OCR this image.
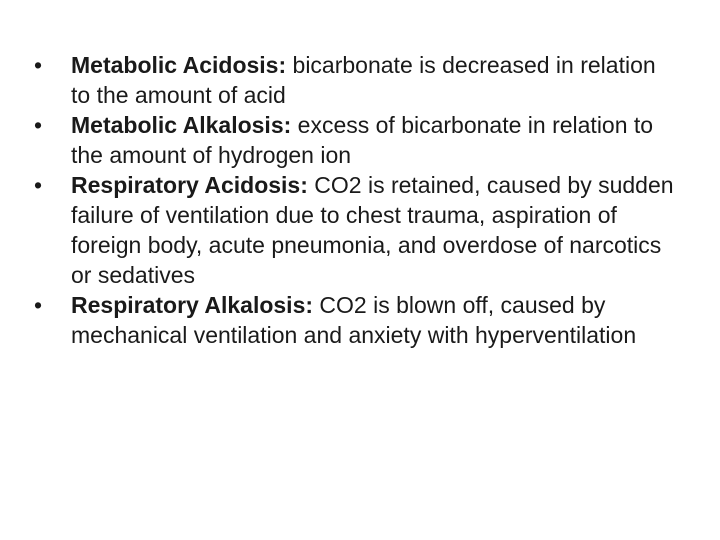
• Metabolic Acidosis: bicarbonate is decreased in relation to the amount of acid
• Metabolic Alkalosis: excess of bicarbonate in relation to the amount of hydrogen ion
• Respiratory Acidosis: CO2 is retained, caused by sudden failure of ventilation due to chest trauma, aspiration of foreign body, acute pneumonia, and overdose of narcotics or sedatives
• Respiratory Alkalosis: CO2 is blown off, caused by mechanical ventilation and anxiety with hyperventilation
